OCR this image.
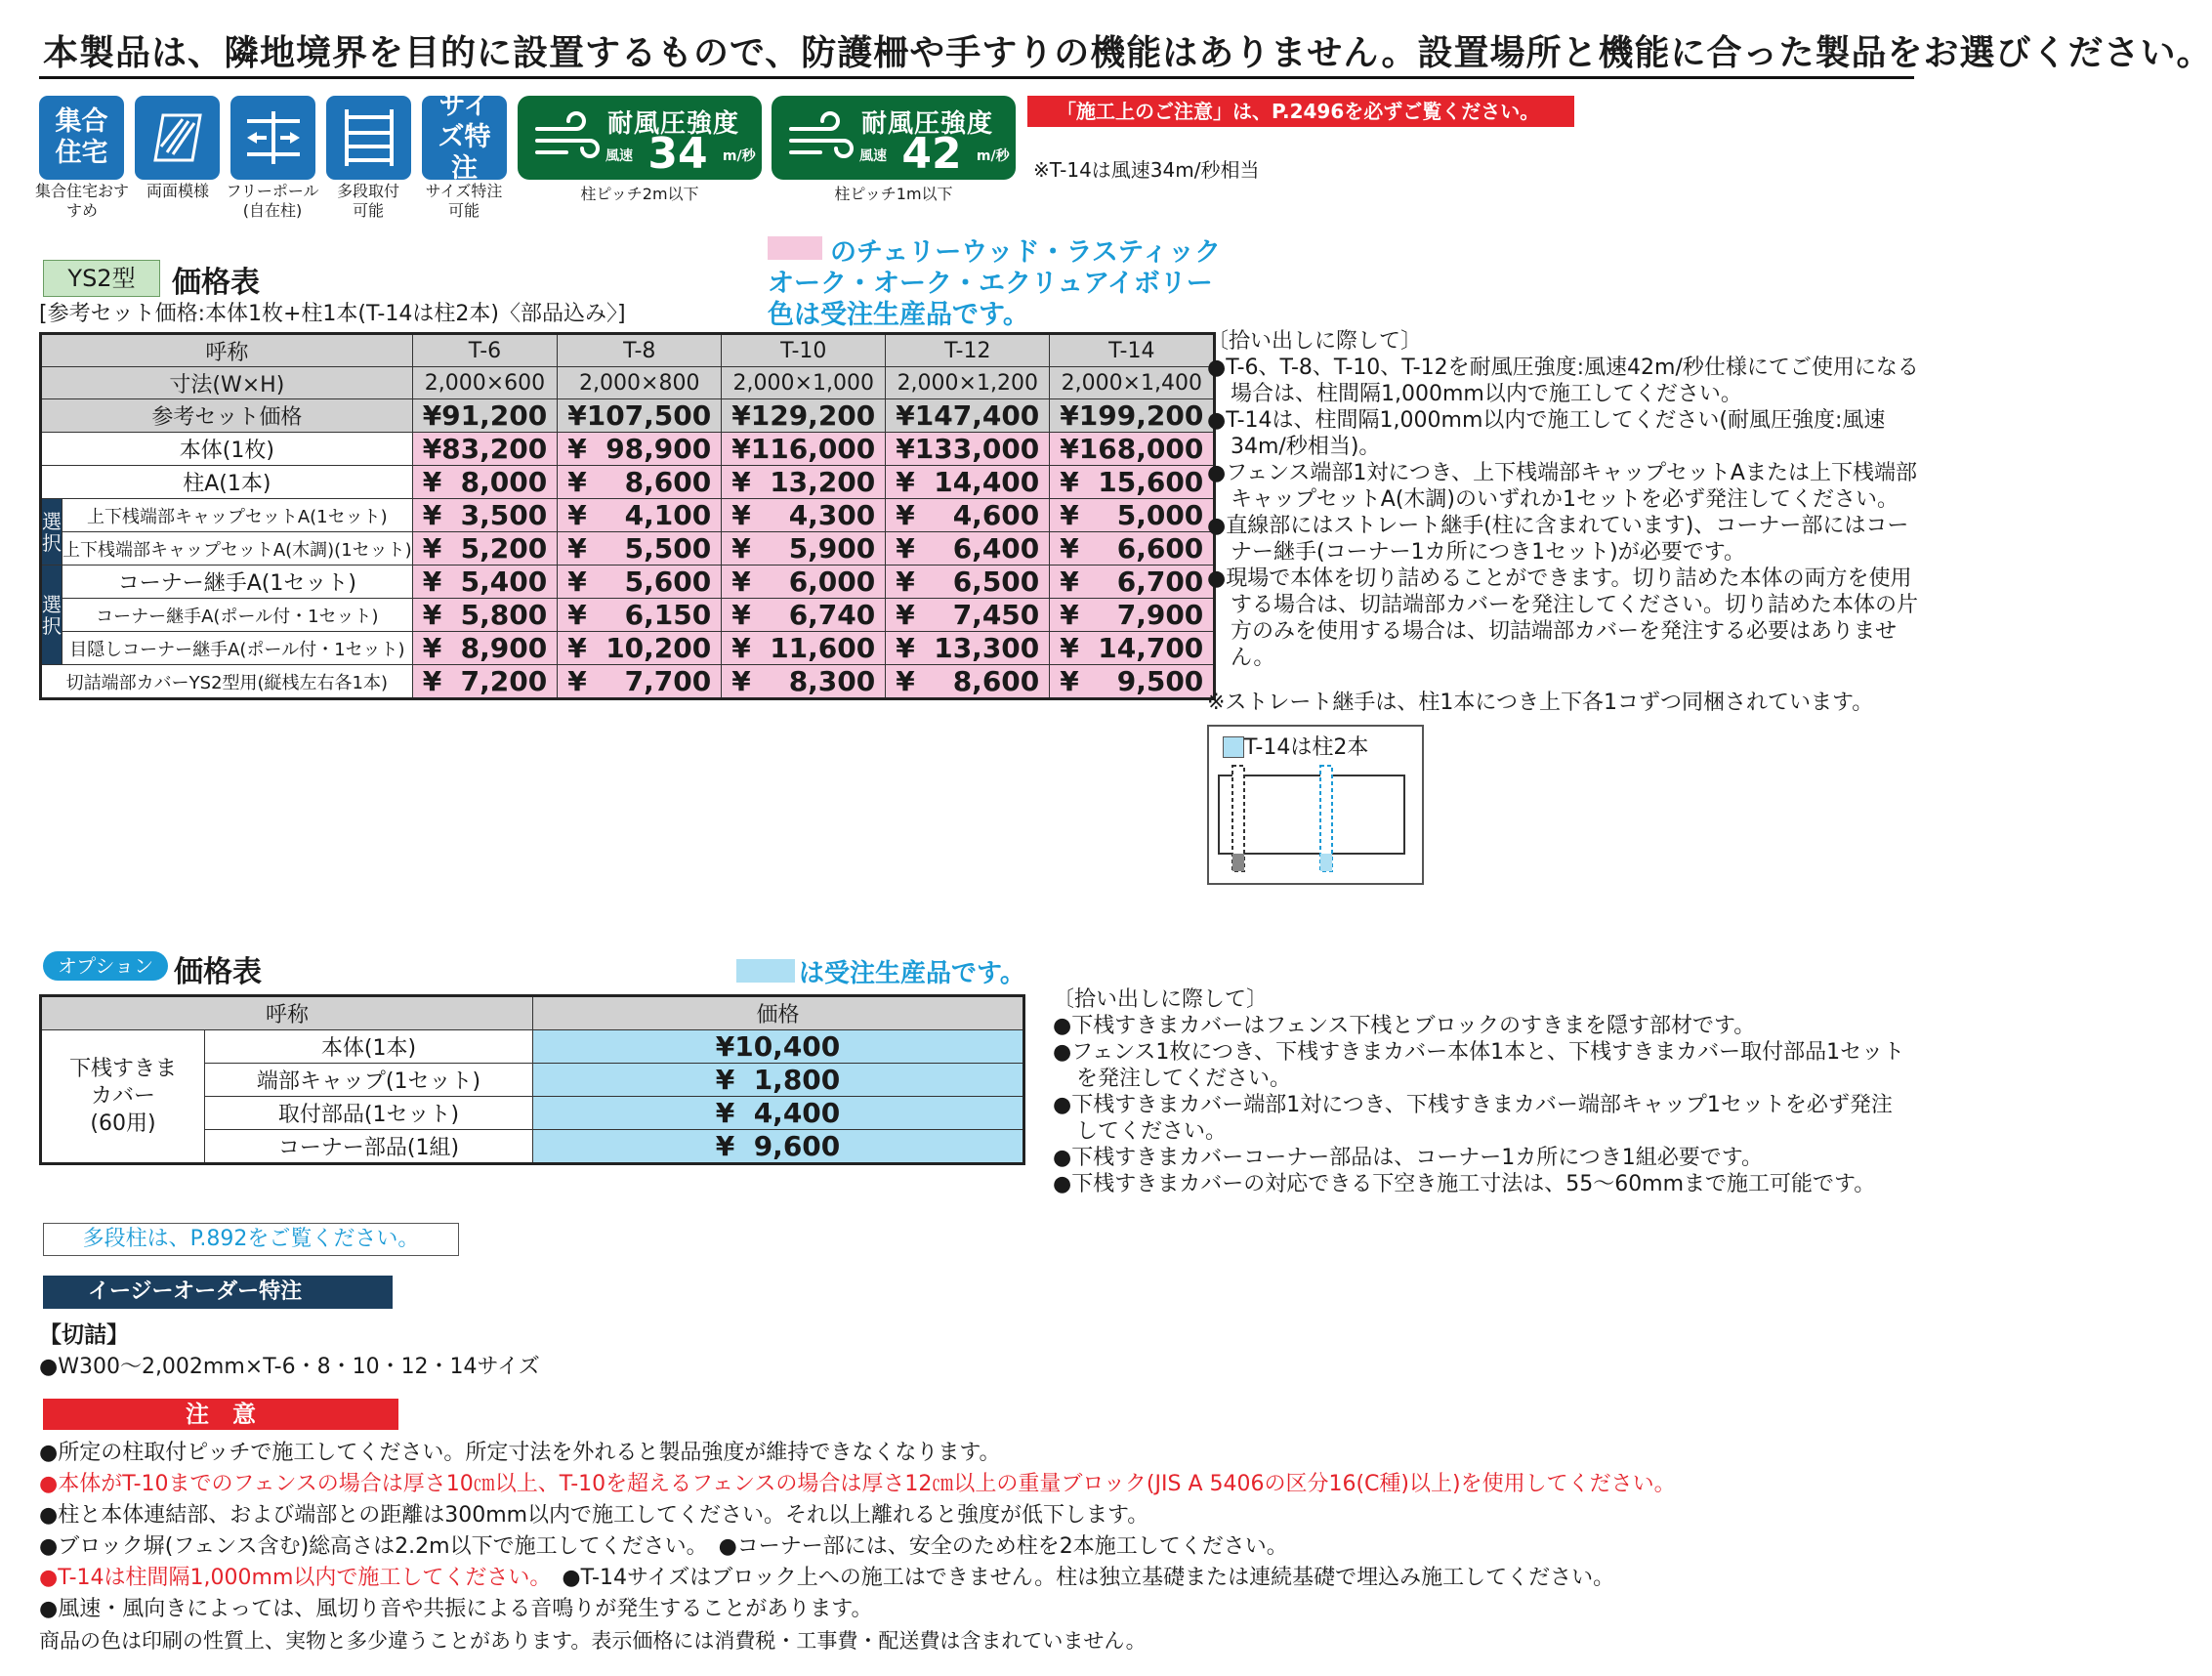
本製品は、隣地境界を目的に設置するもので、防護柵や手すりの機能はありません。設置場所と機能に合った製品をお選びください。
集合住宅
集合住宅おすすめ
両面模様	フリーポール
(自在柱)
多段取付
可能
サイズ特注
サイズ特注
可能
耐風圧強度
風速 34 m/秒
柱ピッチ2m以下
耐風圧強度
風速 42 m/秒
柱ピッチ1m以下
「施工上のご注意」は、P.2496を必ずご覧ください。
※T-14は風速34m/秒相当
YS2型	価格表
[参考セット価格:本体1枚+柱1本(T-14は柱2本)〈部品込み〉]
のチェリーウッド・ラスティック
オーク・オーク・エクリュアイボリー
色は受注生産品です。
呼称		T-6	T-8	T-10	T-12	T-14
寸法(W×H)		2,000×600	2,000×800	2,000×1,000	2,000×1,200	2,000×1,400
参考セット価格		¥ 91,200	¥ 107,500	¥ 129,200	¥ 147,400	¥ 199,200

本体(1枚)		¥ 83,200	¥ 98,900	¥ 116,000	¥ 133,000	¥ 168,000

柱A(1本)		¥ 8,000	¥ 8,600	¥ 13,200	¥ 14,400	¥ 15,600

選択	上下桟端部キャップセットA(1セット)	¥ 3,500	¥ 4,100	¥ 4,300	¥ 4,600	¥ 5,000

	上下桟端部キャップセットA(木調)(1セット)	¥ 5,200	¥ 5,500	¥ 5,900	¥ 6,400	¥ 6,600

選択	コーナー継手A(1セット)	¥ 5,400	¥ 5,600	¥ 6,000	¥ 6,500	¥ 6,700

	コーナー継手A(ポール付・1セット)	¥ 5,800	¥ 6,150	¥ 6,740	¥ 7,450	¥ 7,900

	目隠しコーナー継手A(ポール付・1セット)	¥ 8,900	¥ 10,200	¥ 11,600	¥ 13,300	¥ 14,700

切詰端部カバーYS2型用(縦桟左右各1本)		¥ 7,200	¥ 7,700	¥ 8,300	¥ 8,600	¥ 9,500
〔拾い出しに際して〕
●T-6、T-8、T-10、T-12を耐風圧強度:風速42m/秒仕様にてご使用になる場合は、柱間隔1,000mm以内で施工してください。
●T-14は、柱間隔1,000mm以内で施工してください(耐風圧強度:風速34m/秒相当)。
●フェンス端部1対につき、上下桟端部キャップセットAまたは上下桟端部キャップセットA(木調)のいずれか1セットを必ず発注してください。
●直線部にはストレート継手(柱に含まれています)、コーナー部にはコーナー継手(コーナー1カ所につき1セット)が必要です。
●現場で本体を切り詰めることができます。切り詰めた本体の両方を使用する場合は、切詰端部カバーを発注してください。切り詰めた本体の片方のみを使用する場合は、切詰端部カバーを発注する必要はありません。
※ストレート継手は、柱1本につき上下各1コずつ同梱されています。
T-14は柱2本
オプション 価格表	は受注生産品です。
呼称		価格
下桟すきま
カバー
(60用)	本体(1本)	¥10,400
	端部キャップ(1セット)	¥  1,800
	取付部品(1セット)	¥  4,400
	コーナー部品(1組)	¥  9,600
〔拾い出しに際して〕
●下桟すきまカバーはフェンス下桟とブロックのすきまを隠す部材です。
●フェンス1枚につき、下桟すきまカバー本体1本と、下桟すきまカバー取付部品1セットを発注してください。
●下桟すきまカバー端部1対につき、下桟すきまカバー端部キャップ1セットを必ず発注してください。
●下桟すきまカバーコーナー部品は、コーナー1カ所につき1組必要です。
●下桟すきまカバーの対応できる下空き施工寸法は、55〜60mmまで施工可能です。
多段柱は、P.892をご覧ください。
イージーオーダー特注
【切詰】
●W300〜2,002mm×T-6・8・10・12・14サイズ
注　意
●所定の柱取付ピッチで施工してください。所定寸法を外れると製品強度が維持できなくなります。
●本体がT-10までのフェンスの場合は厚さ10㎝以上、T-10を超えるフェンスの場合は厚さ12㎝以上の重量ブロック(JIS A 5406の区分16(C種)以上)を使用してください。
●柱と本体連結部、および端部との距離は300mm以内で施工してください。それ以上離れると強度が低下します。
●ブロック塀(フェンス含む)総高さは2.2m以下で施工してください。　●コーナー部には、安全のため柱を2本施工してください。
●T-14は柱間隔1,000mm以内で施工してください。　●T-14サイズはブロック上への施工はできません。柱は独立基礎または連続基礎で埋込み施工してください。
●風速・風向きによっては、風切り音や共振による音鳴りが発生することがあります。
商品の色は印刷の性質上、実物と多少違うことがあります。表示価格には消費税・工事費・配送費は含まれていません。
